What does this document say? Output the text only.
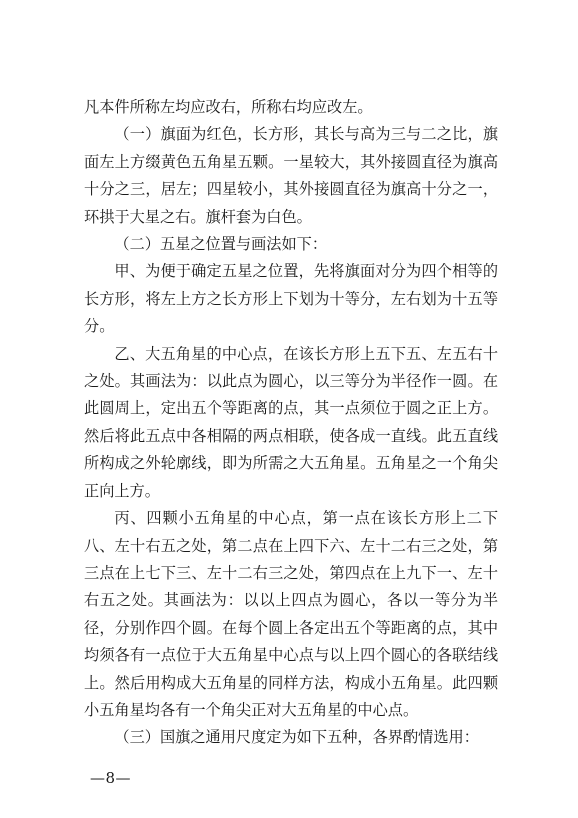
凡本件所称左均应改右，所称右均应改左。

（一）旗面为红色，长方形，其长与高为三与二之比，旗面左上方缀黄色五角星五颗。一星较大，其外接圆直径为旗高十分之三，居左；四星较小，其外接圆直径为旗高十分之一，环拱于大星之右。旗杆套为白色。

（二）五星之位置与画法如下：

甲、为便于确定五星之位置，先将旗面对分为四个相等的长方形，将左上方之长方形上下划为十等分，左右划为十五等分。

乙、大五角星的中心点，在该长方形上五下五、左五右十之处。其画法为：以此点为圆心，以三等分为半径作一圆。在此圆周上，定出五个等距离的点，其一点须位于圆之正上方。然后将此五点中各相隔的两点相联，使各成一直线。此五直线所构成之外轮廓线，即为所需之大五角星。五角星之一个角尖正向上方。

丙、四颗小五角星的中心点，第一点在该长方形上二下八、左十右五之处，第二点在上四下六、左十二右三之处，第三点在上七下三、左十二右三之处，第四点在上九下一、左十右五之处。其画法为：以以上四点为圆心，各以一等分为半径，分别作四个圆。在每个圆上各定出五个等距离的点，其中均须各有一点位于大五角星中心点与以上四个圆心的各联结线上。然后用构成大五角星的同样方法，构成小五角星。此四颗小五角星均各有一个角尖正对大五角星的中心点。

（三）国旗之通用尺度定为如下五种，各界酌情选用：

—8—
